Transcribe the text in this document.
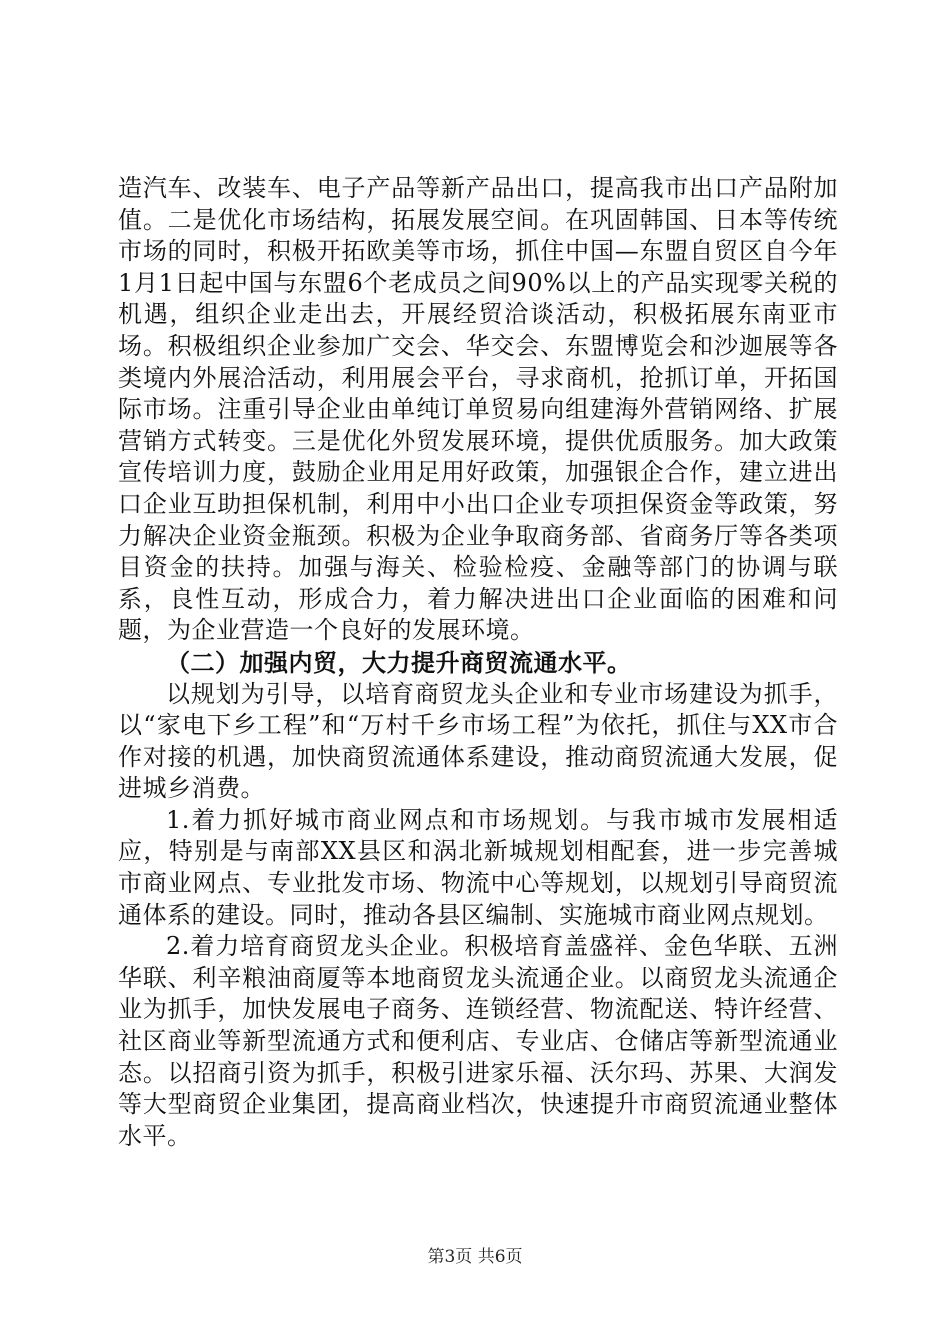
造汽车、改装车、电子产品等新产品出口，提高我市出口产品附加值。二是优化市场结构，拓展发展空间。在巩固韩国、日本等传统市场的同时，积极开拓欧美等市场，抓住中国—东盟自贸区自今年1月1日起中国与东盟6个老成员之间90%以上的产品实现零关税的机遇，组织企业走出去，开展经贸洽谈活动，积极拓展东南亚市场。积极组织企业参加广交会、华交会、东盟博览会和沙迦展等各类境内外展洽活动，利用展会平台，寻求商机，抢抓订单，开拓国际市场。注重引导企业由单纯订单贸易向组建海外营销网络、扩展营销方式转变。三是优化外贸发展环境，提供优质服务。加大政策宣传培训力度，鼓励企业用足用好政策，加强银企合作，建立进出口企业互助担保机制，利用中小出口企业专项担保资金等政策，努力解决企业资金瓶颈。积极为企业争取商务部、省商务厅等各类项目资金的扶持。加强与海关、检验检疫、金融等部门的协调与联系，良性互动，形成合力，着力解决进出口企业面临的困难和问题，为企业营造一个良好的发展环境。

（二）加强内贸，大力提升商贸流通水平。

以规划为引导，以培育商贸龙头企业和专业市场建设为抓手，以“家电下乡工程”和“万村千乡市场工程”为依托，抓住与XX市合作对接的机遇，加快商贸流通体系建设，推动商贸流通大发展，促进城乡消费。

1.着力抓好城市商业网点和市场规划。与我市城市发展相适应，特别是与南部XX县区和涡北新城规划相配套，进一步完善城市商业网点、专业批发市场、物流中心等规划，以规划引导商贸流通体系的建设。同时，推动各县区编制、实施城市商业网点规划。

2.着力培育商贸龙头企业。积极培育盖盛祥、金色华联、五洲华联、利辛粮油商厦等本地商贸龙头流通企业。以商贸龙头流通企业为抓手，加快发展电子商务、连锁经营、物流配送、特许经营、社区商业等新型流通方式和便利店、专业店、仓储店等新型流通业态。以招商引资为抓手，积极引进家乐福、沃尔玛、苏果、大润发等大型商贸企业集团，提高商业档次，快速提升市商贸流通业整体水平。

第3页 共6页
